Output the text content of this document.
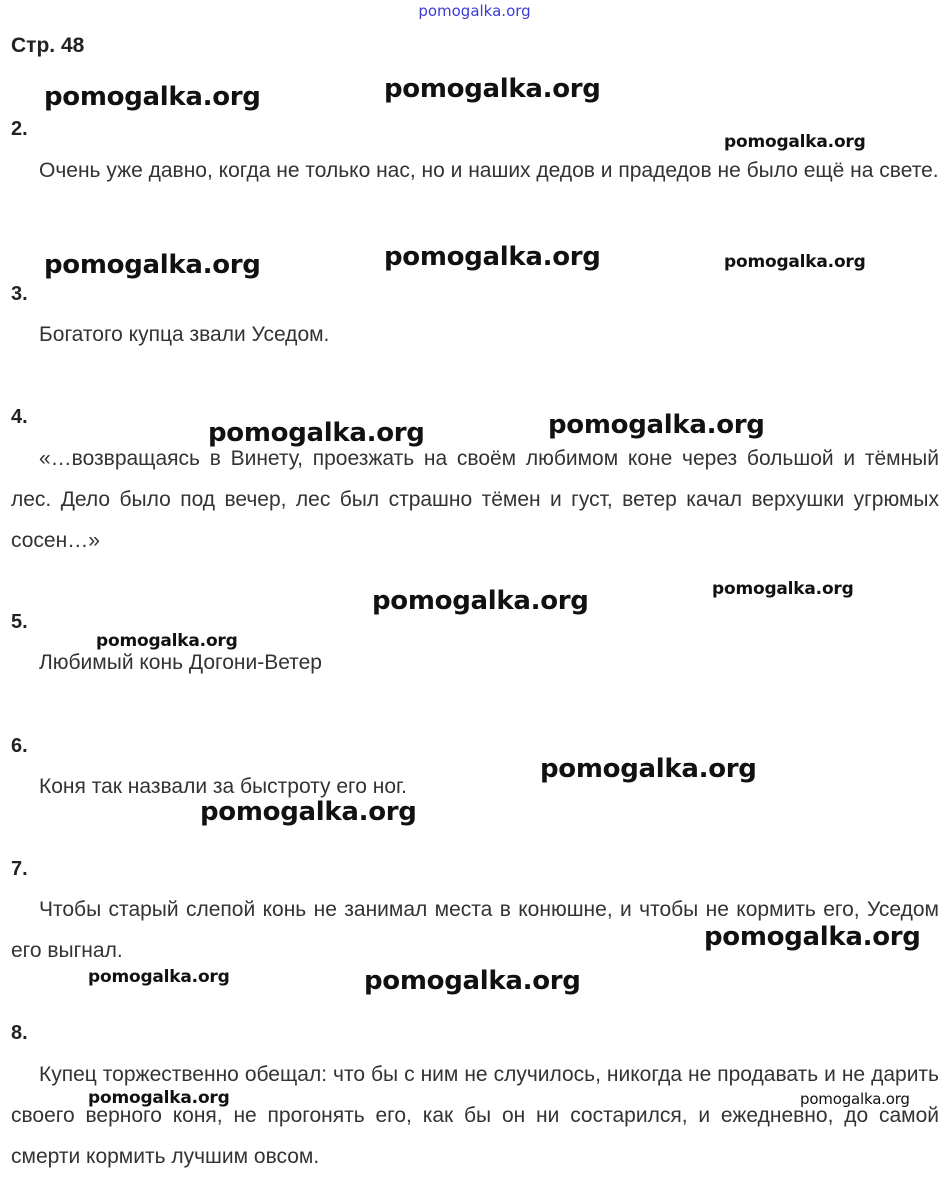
pomogalka.org
Стр. 48
2.

Очень уже давно, когда не только нас, но и наших дедов и прадедов не было ещё на свете.

3.

Богатого купца звали Уседом.

4.

«…возвращаясь в Винету, проезжать на своём любимом коне через большой и тёмный лес. Дело было под вечер, лес был страшно тёмен и густ, ветер качал верхушки угрюмых сосен…»

5.

Любимый конь Догони-Ветер

6.

Коня так назвали за быстроту его ног.

7.

Чтобы старый слепой конь не занимал места в конюшне, и чтобы не кормить его, Уседом его выгнал.

8.

Купец торжественно обещал: что бы с ним не случилось, никогда не продавать и не дарить своего верного коня, не прогонять его, как бы он ни состарился, и ежедневно, до самой смерти кормить лучшим овсом.

pomogalka.org	pomogalka.org
pomogalka.org
pomogalka.org	pomogalka.org	pomogalka.org
pomogalka.org	pomogalka.org
pomogalka.org
pomogalka.org
pomogalka.org
pomogalka.org
pomogalka.org
pomogalka.org
pomogalka.org	pomogalka.org
pomogalka.org	pomogalka.org
